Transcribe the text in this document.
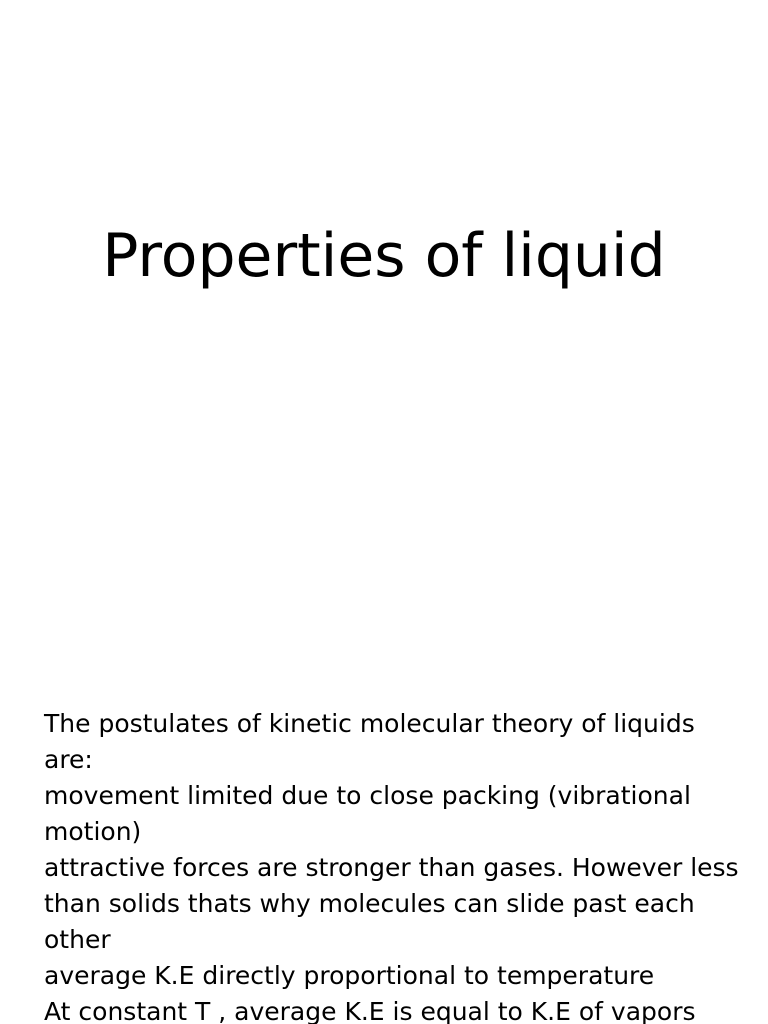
Properties of liquid
The postulates of kinetic molecular theory of liquids are:
movement limited due to close packing (vibrational motion)
attractive forces are stronger than gases. However less than solids thats why molecules can slide past each other
average K.E directly proportional to temperature
At constant T , average K.E is equal to K.E of vapors
